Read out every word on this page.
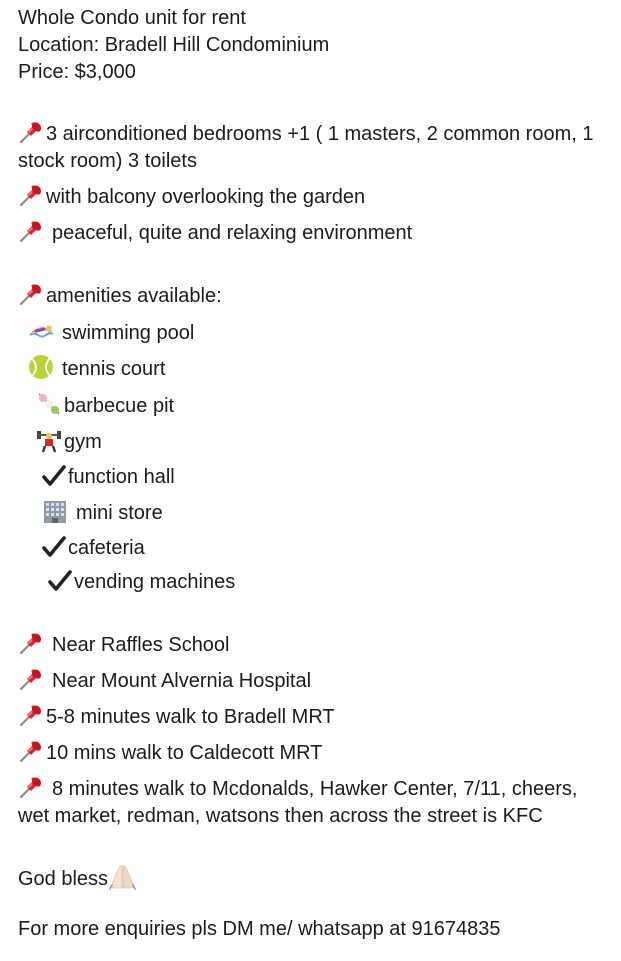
Whole Condo unit for rent
Location: Bradell Hill Condominium
Price: $3,000
3 airconditioned bedrooms +1 ( 1 masters, 2 common room, 1 stock room) 3 toilets
with balcony overlooking the garden
peaceful, quite and relaxing environment
amenities available:
swimming pool
tennis court
barbecue pit
gym
function hall
mini store
cafeteria
vending machines
Near Raffles School
Near Mount Alvernia Hospital
5-8 minutes walk to Bradell MRT
10 mins walk to Caldecott MRT
8 minutes walk to Mcdonalds, Hawker Center, 7/11, cheers, wet market, redman, watsons then across the street is KFC
God bless
For more enquiries pls DM me/ whatsapp at 91674835
